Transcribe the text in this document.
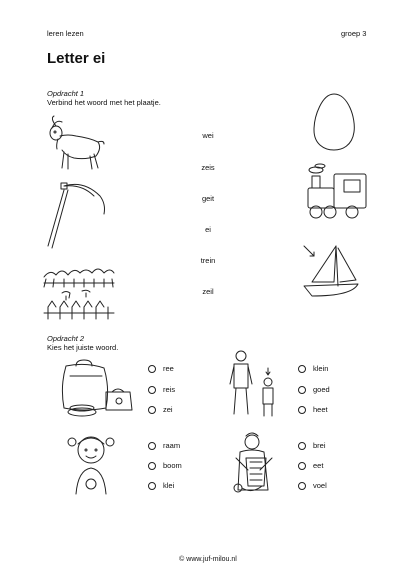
leren lezen	groep 3
Letter ei
Opdracht 1
Verbind het woord met het plaatje.
wei
zeis
geit
ei
trein
zeil
Opdracht 2
Kies het juiste woord.
ree
reis
zei
klein
goed
heet
raam
boom
klei
brei
eet
voel
© www.juf-milou.nl
